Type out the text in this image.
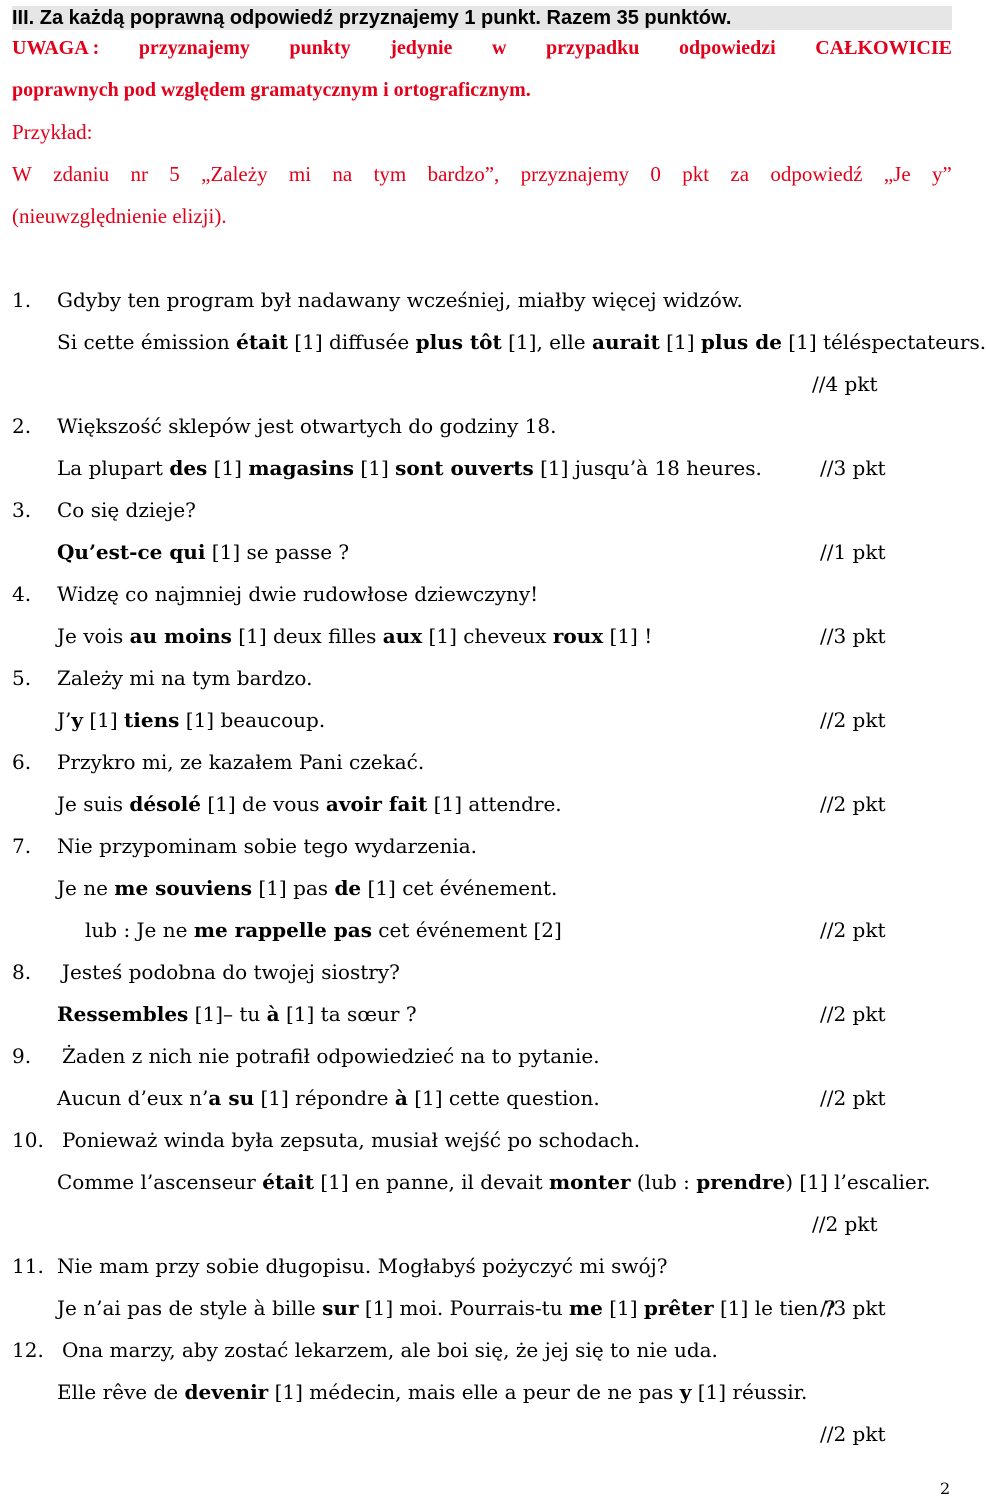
III. Za każdą poprawną odpowiedź przyznajemy 1 punkt. Razem 35 punktów.
UWAGA : przyznajemy punkty jedynie w przypadku odpowiedzi CAŁKOWICIE
poprawnych pod względem gramatycznym i ortograficznym.
Przykład:
W zdaniu nr 5 „Zależy mi na tym bardzo”, przyznajemy 0 pkt za odpowiedź „Je y”
(nieuwzględnienie elizji).
1. Gdyby ten program był nadawany wcześniej, miałby więcej widzów.
Si cette émission était [1] diffusée plus tôt [1], elle aurait [1] plus de [1] téléspectateurs.
//4 pkt
2. Większość sklepów jest otwartych do godziny 18.
La plupart des [1] magasins [1] sont ouverts [1] jusqu’à 18 heures.	//3 pkt
3. Co się dzieje?
Qu’est-ce qui [1] se passe ?	//1 pkt
4. Widzę co najmniej dwie rudowłose dziewczyny!
Je vois au moins [1] deux filles aux [1] cheveux roux [1] !	//3 pkt
5. Zależy mi na tym bardzo.
J’y [1] tiens [1] beaucoup.	//2 pkt
6. Przykro mi, ze kazałem Pani czekać.
Je suis désolé [1] de vous avoir fait [1] attendre.	//2 pkt
7. Nie przypominam sobie tego wydarzenia.
Je ne me souviens [1] pas de [1] cet événement.
lub : Je ne me rappelle pas cet événement [2]	//2 pkt
8. Jesteś podobna do twojej siostry?
Ressembles [1]– tu à [1] ta sœur ?	//2 pkt
9. Żaden z nich nie potrafił odpowiedzieć na to pytanie.
Aucun d’eux n’a su [1] répondre à [1] cette question.	//2 pkt
10. Ponieważ winda była zepsuta, musiał wejść po schodach.
Comme l’ascenseur était [1] en panne, il devait monter (lub : prendre) [1] l’escalier.
//2 pkt
11. Nie mam przy sobie długopisu. Mogłabyś pożyczyć mi swój?
Je n’ai pas de style à bille sur [1] moi. Pourrais-tu me [1] prêter [1] le tien ?
//3 pkt
12. Ona marzy, aby zostać lekarzem, ale boi się, że jej się to nie uda.
Elle rêve de devenir [1] médecin, mais elle a peur de ne pas y [1] réussir.
//2 pkt
2
